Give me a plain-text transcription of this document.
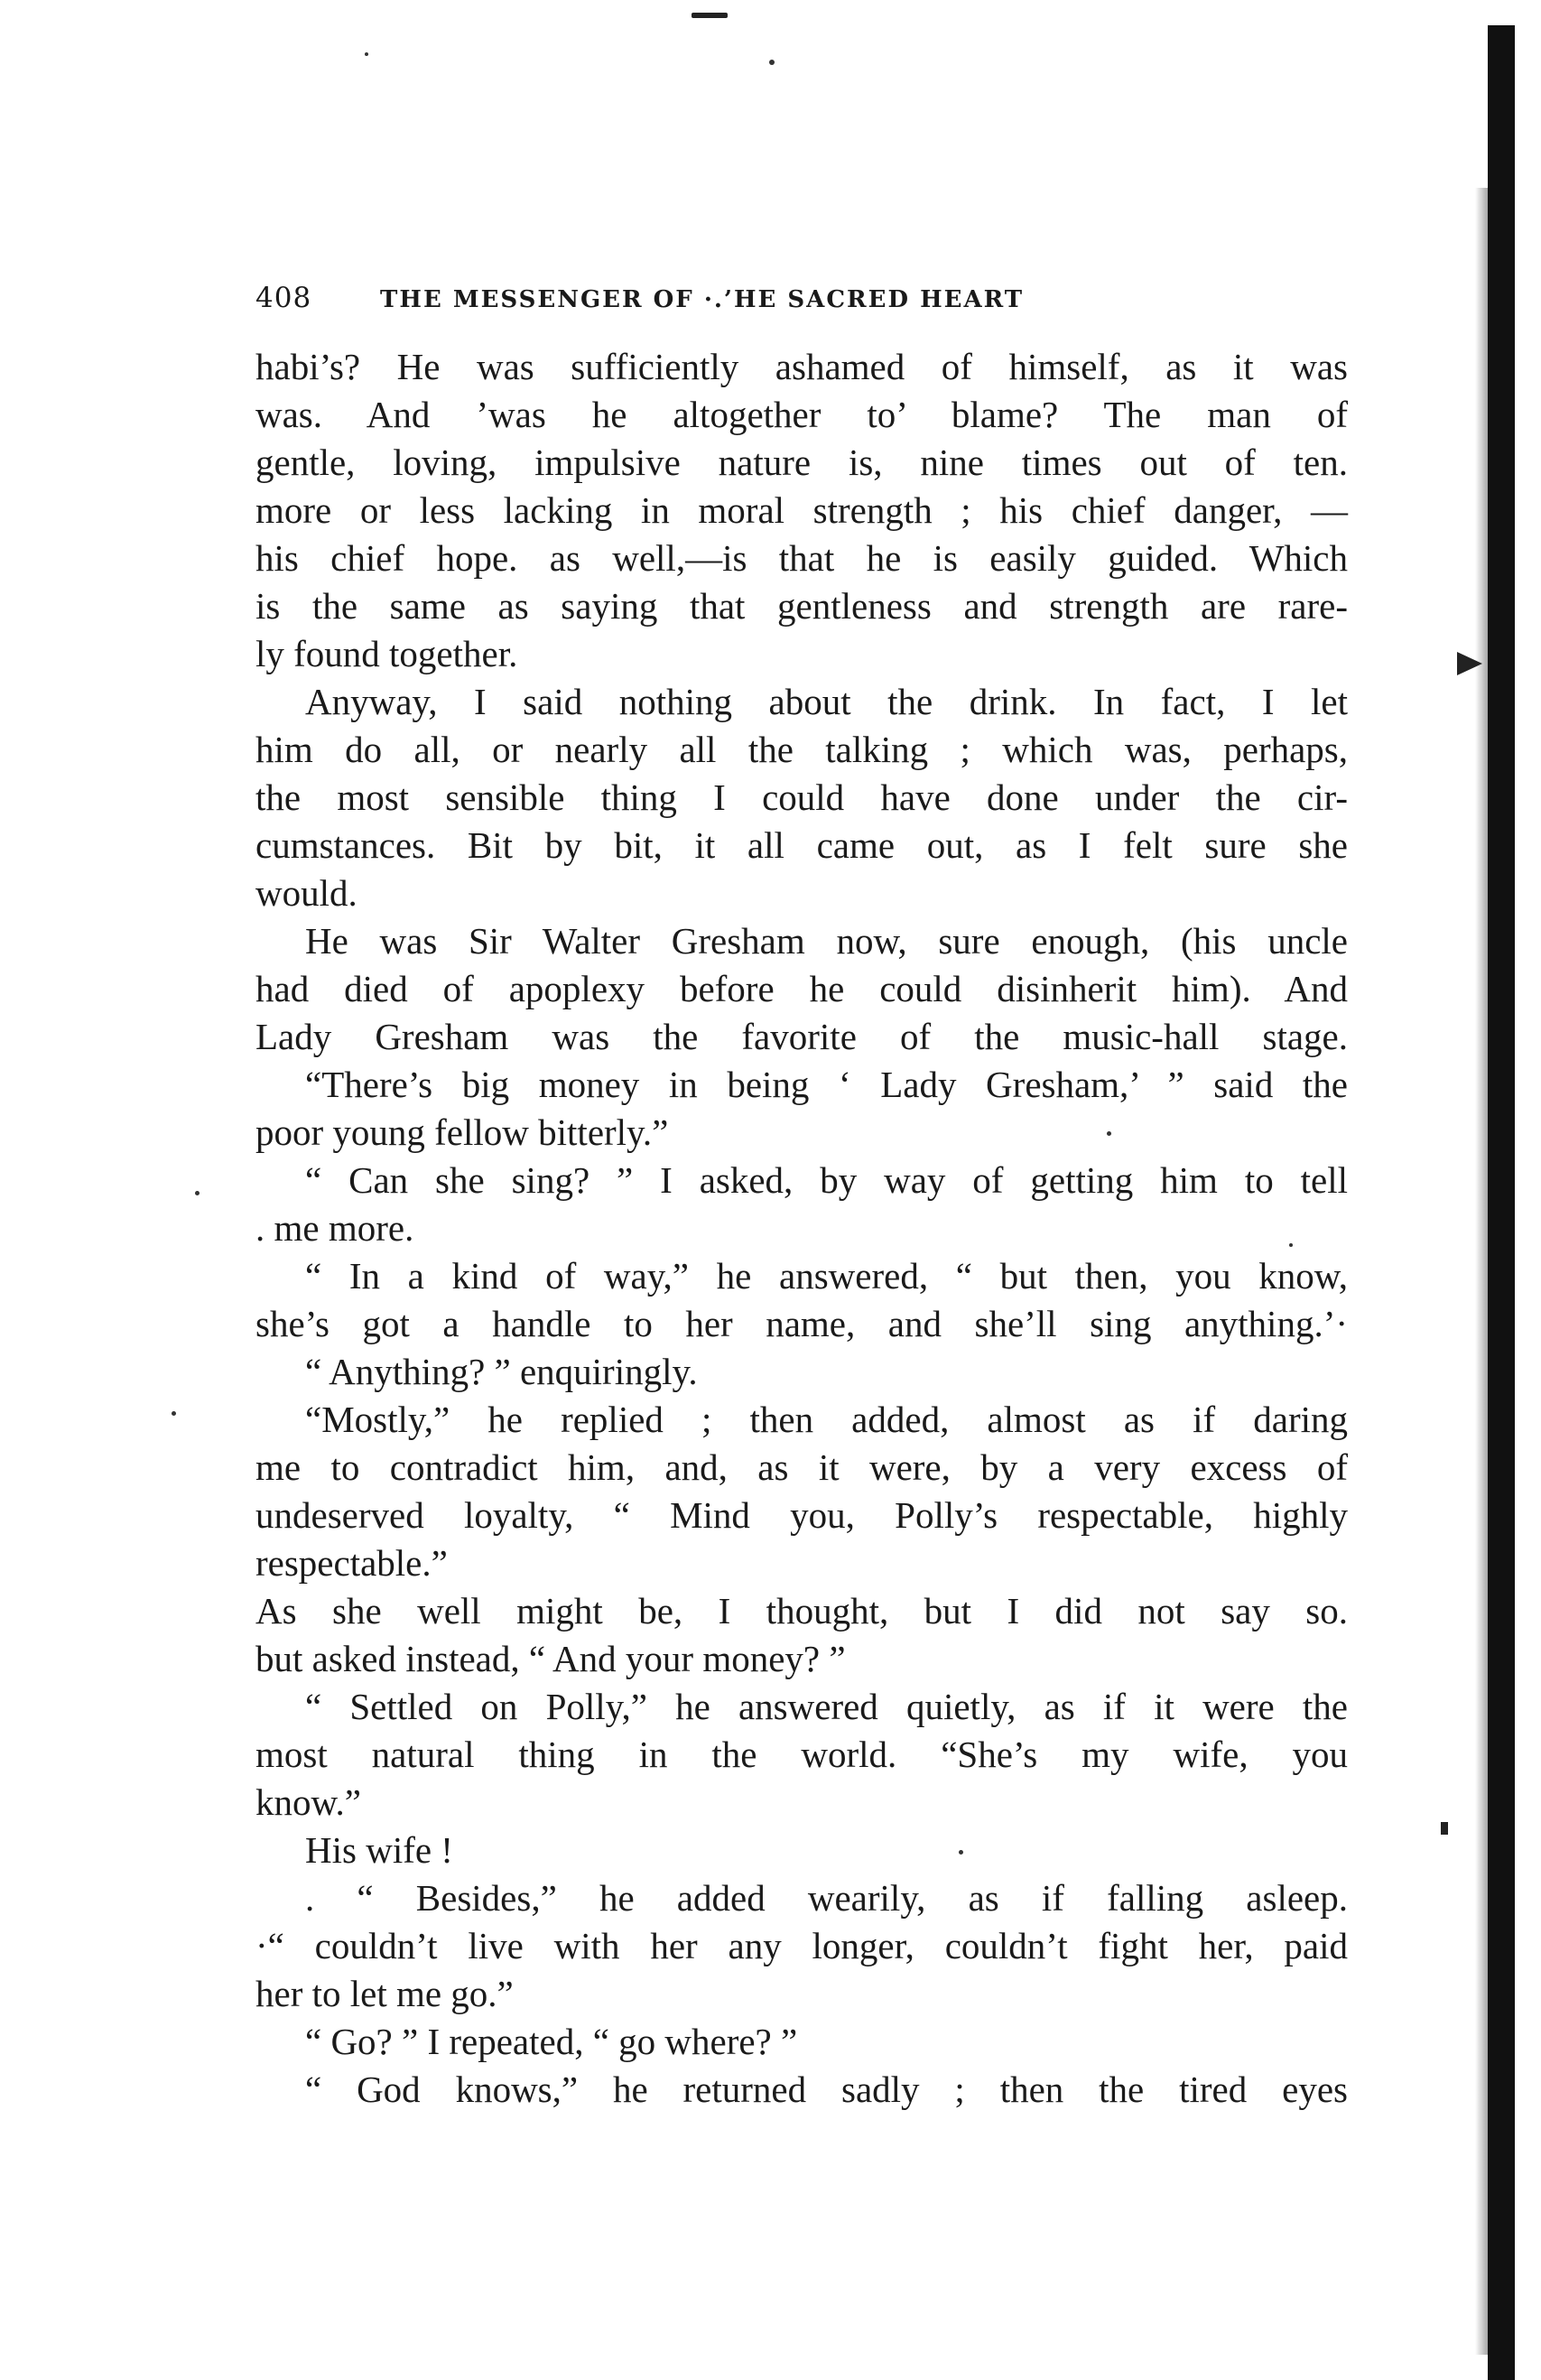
408	THE MESSENGER OF ·.’HE SACRED HEART
habi’s? He was sufficiently ashamed of himself, as it was
was. And ’was he altogether to’ blame? The man of
gentle, loving, impulsive nature is, nine times out of ten.
more or less lacking in moral strength ; his chief danger, —
his chief hope. as well,—is that he is easily guided. Which
is the same as saying that gentleness and strength are rare-
ly found together.
Anyway, I said nothing about the drink. In fact, I let
him do all, or nearly all the talking ; which was, perhaps,
the most sensible thing I could have done under the cir-
cumstances. Bit by bit, it all came out, as I felt sure she
would.
He was Sir Walter Gresham now, sure enough, (his uncle
had died of apoplexy before he could disinherit him). And
Lady Gresham was the favorite of the music-hall stage.
“There’s big money in being ‘ Lady Gresham,’ ” said the
poor young fellow bitterly.”
“ Can she sing? ” I asked, by way of getting him to tell
. me more.
“ In a kind of way,” he answered, “ but then, you know,
she’s got a handle to her name, and she’ll sing anything.’·
“ Anything? ” enquiringly.
“Mostly,” he replied ; then added, almost as if daring
me to contradict him, and, as it were, by a very excess of
undeserved loyalty, “ Mind you, Polly’s respectable, highly
respectable.”
As she well might be, I thought, but I did not say so.
but asked instead, “ And your money? ”
“ Settled on Polly,” he answered quietly, as if it were the
most natural thing in the world. “She’s my wife, you
know.”
His wife !
. “ Besides,” he added wearily, as if falling asleep.
·“ couldn’t live with her any longer, couldn’t fight her, paid
her to let me go.”
“ Go? ” I repeated, “ go where? ”
“ God knows,” he returned sadly ; then the tired eyes
